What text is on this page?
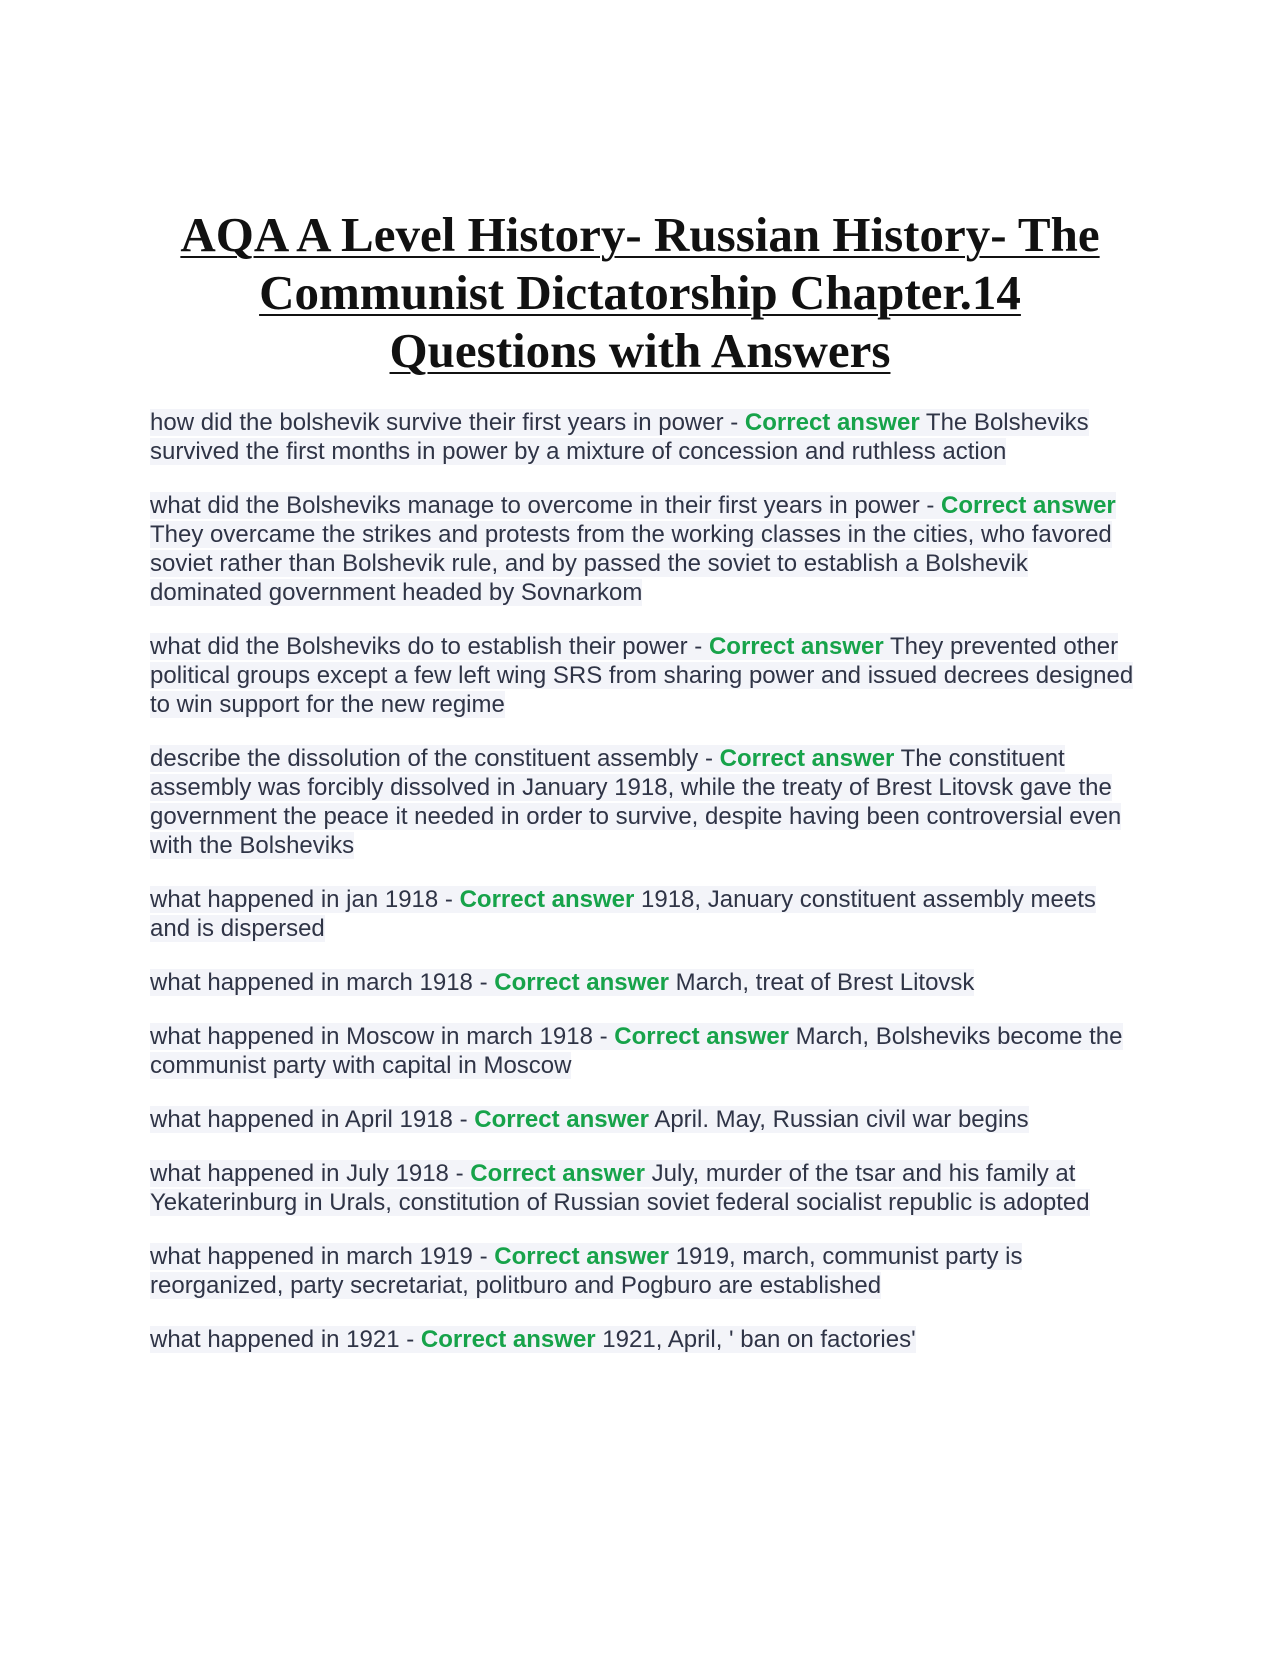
AQA A Level History- Russian History- The
Communist Dictatorship Chapter.14
Questions with Answers

how did the bolshevik survive their first years in power - Correct answer The Bolsheviks survived the first months in power by a mixture of concession and ruthless action

what did the Bolsheviks manage to overcome in their first years in power - Correct answer They overcame the strikes and protests from the working classes in the cities, who favored soviet rather than Bolshevik rule, and by passed the soviet to establish a Bolshevik dominated government headed by Sovnarkom

what did the Bolsheviks do to establish their power - Correct answer They prevented other political groups except a few left wing SRS from sharing power and issued decrees designed to win support for the new regime

describe the dissolution of the constituent assembly - Correct answer The constituent assembly was forcibly dissolved in January 1918, while the treaty of Brest Litovsk gave the government the peace it needed in order to survive, despite having been controversial even with the Bolsheviks

what happened in jan 1918 - Correct answer 1918, January constituent assembly meets and is dispersed

what happened in march 1918 - Correct answer March, treat of Brest Litovsk

what happened in Moscow in march 1918 - Correct answer March, Bolsheviks become the communist party with capital in Moscow

what happened in April 1918 - Correct answer April. May, Russian civil war begins

what happened in July 1918 - Correct answer July, murder of the tsar and his family at Yekaterinburg in Urals, constitution of Russian soviet federal socialist republic is adopted

what happened in march 1919 - Correct answer 1919, march, communist party is reorganized, party secretariat, politburo and Pogburo are established

what happened in 1921 - Correct answer 1921, April, ' ban on factories'
